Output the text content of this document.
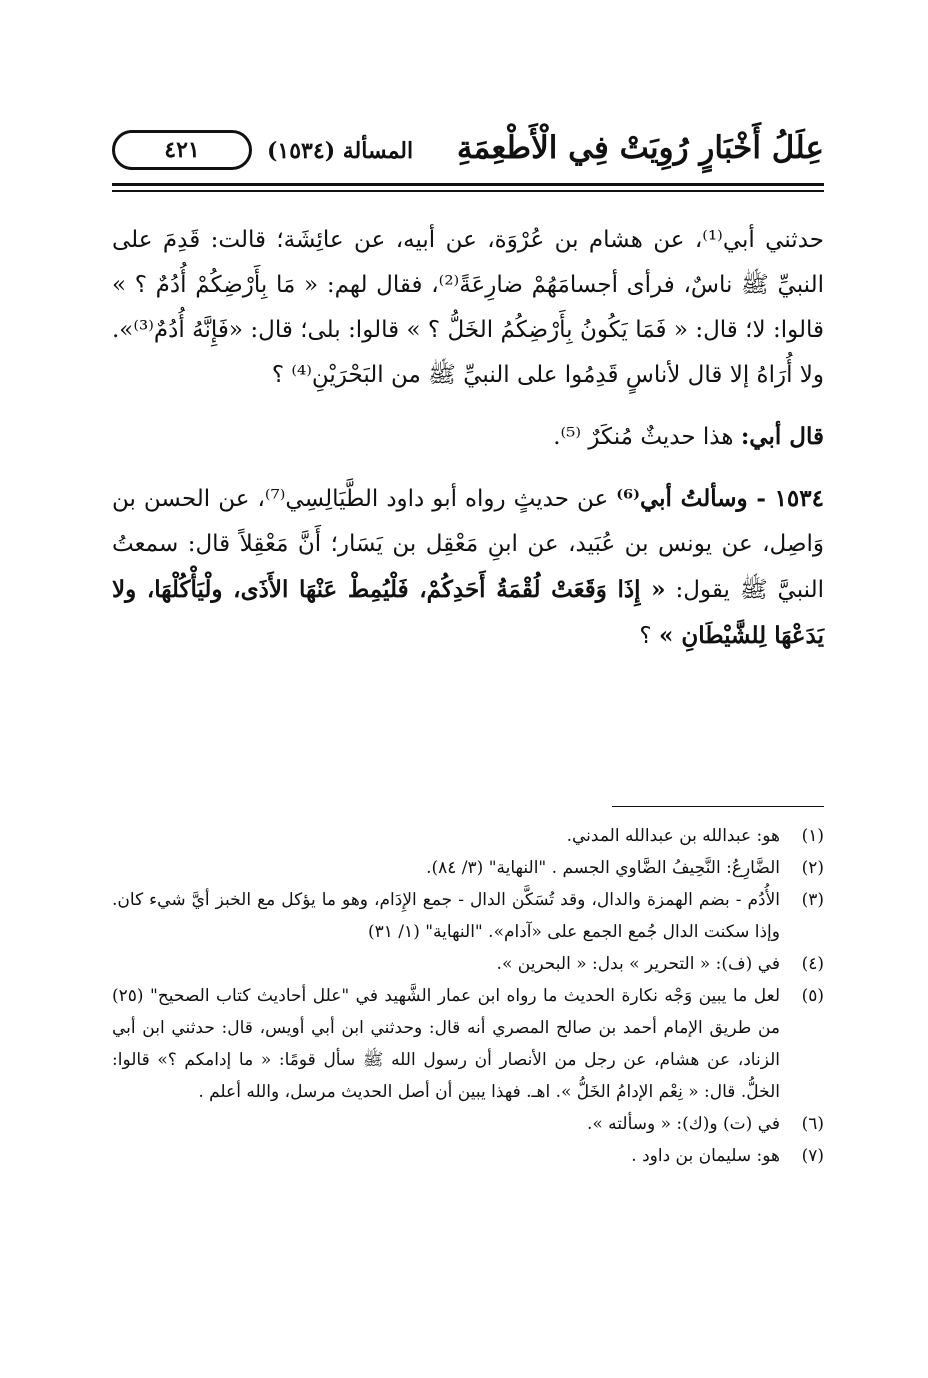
عِلَلُ أَخْبَارٍ رُوِيَتْ فِي الْأَطْعِمَةِ
المسألة (١٥٣٤)
٤٢١

حدثني أبي⁽¹⁾، عن هشام بن عُرْوَة، عن أبيه، عن عائِشَة؛ قالت: قَدِمَ على النبيِّ ﷺ ناسٌ، فرأى أجسامَهُمْ ضارِعَةً⁽²⁾، فقال لهم: « مَا بِأَرْضِكُمْ أُدُمٌ ؟ » قالوا: لا؛ قال: « فَمَا يَكُونُ بِأَرْضِكُمُ الخَلُّ ؟ » قالوا: بلى؛ قال: «فَإِنَّهُ أُدُمٌ⁽³⁾». ولا أُرَاهُ إلا قال لأناسٍ قَدِمُوا على النبيِّ ﷺ من البَحْرَيْنِ⁽⁴⁾ ؟

قال أبي: هذا حديثٌ مُنكَرٌ ⁽⁵⁾.

١٥٣٤ - وسألتُ أبي⁽⁶⁾ عن حديثٍ رواه أبو داود الطَّيَالِسِي⁽⁷⁾، عن الحسن بن وَاصِل، عن يونس بن عُبَيد، عن ابنِ مَعْقِل بن يَسَار؛ أَنَّ مَعْقِلاً قال: سمعتُ النبيَّ ﷺ يقول: « إِذَا وَقَعَتْ لُقْمَةُ أَحَدِكُمْ، فَلْيُمِطْ عَنْهَا الأَذَى، ولْيَأْكُلْهَا، ولا يَدَعْهَا لِلشَّيْطَانِ » ؟

(١)
هو: عبدالله بن عبدالله المدني.
(٢)
الضَّارِعُ: النَّحِيفُ الضَّاوي الجسم . "النهاية" (٣/ ٨٤).
(٣)
الأُدُم - بضم الهمزة والدال، وقد تُسَكَّن الدال - جمع الإِدَام، وهو ما يؤكل مع الخبز أيَّ شيء كان. وإذا سكنت الدال جُمع الجمع على «آدام». "النهاية" (١/ ٣١)
(٤)
في (ف): « التحرير » بدل: « البحرين ».
(٥)
لعل ما يبين وَجْه نكارة الحديث ما رواه ابن عمار الشَّهيد في "علل أحاديث كتاب الصحيح" (٢٥) من طريق الإمام أحمد بن صالح المصري أنه قال: وحدثني ابن أبي أويس، قال: حدثني ابن أبي الزناد، عن هشام، عن رجل من الأنصار أن رسول الله ﷺ سأل قومًا: « ما إدامكم ؟» قالوا: الخلُّ. قال: « نِعْم الإدامُ الخَلُّ ». اهـ. فهذا يبين أن أصل الحديث مرسل، والله أعلم .
(٦)
في (ت) و(ك): « وسألته ».
(٧)
هو: سليمان بن داود .
